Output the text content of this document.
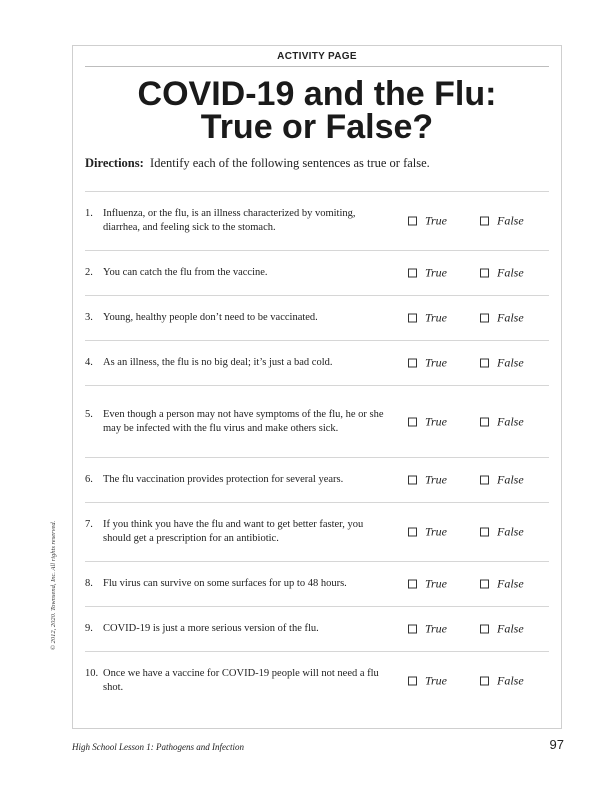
ACTIVITY PAGE
COVID-19 and the Flu:
True or False?
Directions: Identify each of the following sentences as true or false.
1. Influenza, or the flu, is an illness characterized by vomiting, diarrhea, and feeling sick to the stomach.	True	False
2. You can catch the flu from the vaccine.	True	False
3. Young, healthy people don’t need to be vaccinated.	True	False
4. As an illness, the flu is no big deal; it’s just a bad cold.	True	False
5. Even though a person may not have symptoms of the flu, he or she may be infected with the flu virus and make others sick.	True	False
6. The flu vaccination provides protection for several years.	True	False
7. If you think you have the flu and want to get better faster, you should get a prescription for an antibiotic.	True	False
8. Flu virus can survive on some surfaces for up to 48 hours.	True	False
9. COVID-19 is just a more serious version of the flu.	True	False
10. Once we have a vaccine for COVID-19 people will not need a flu shot.	True	False
© 2012, 2020. Townsend, Inc. All rights reserved.
High School Lesson 1: Pathogens and Infection	97
